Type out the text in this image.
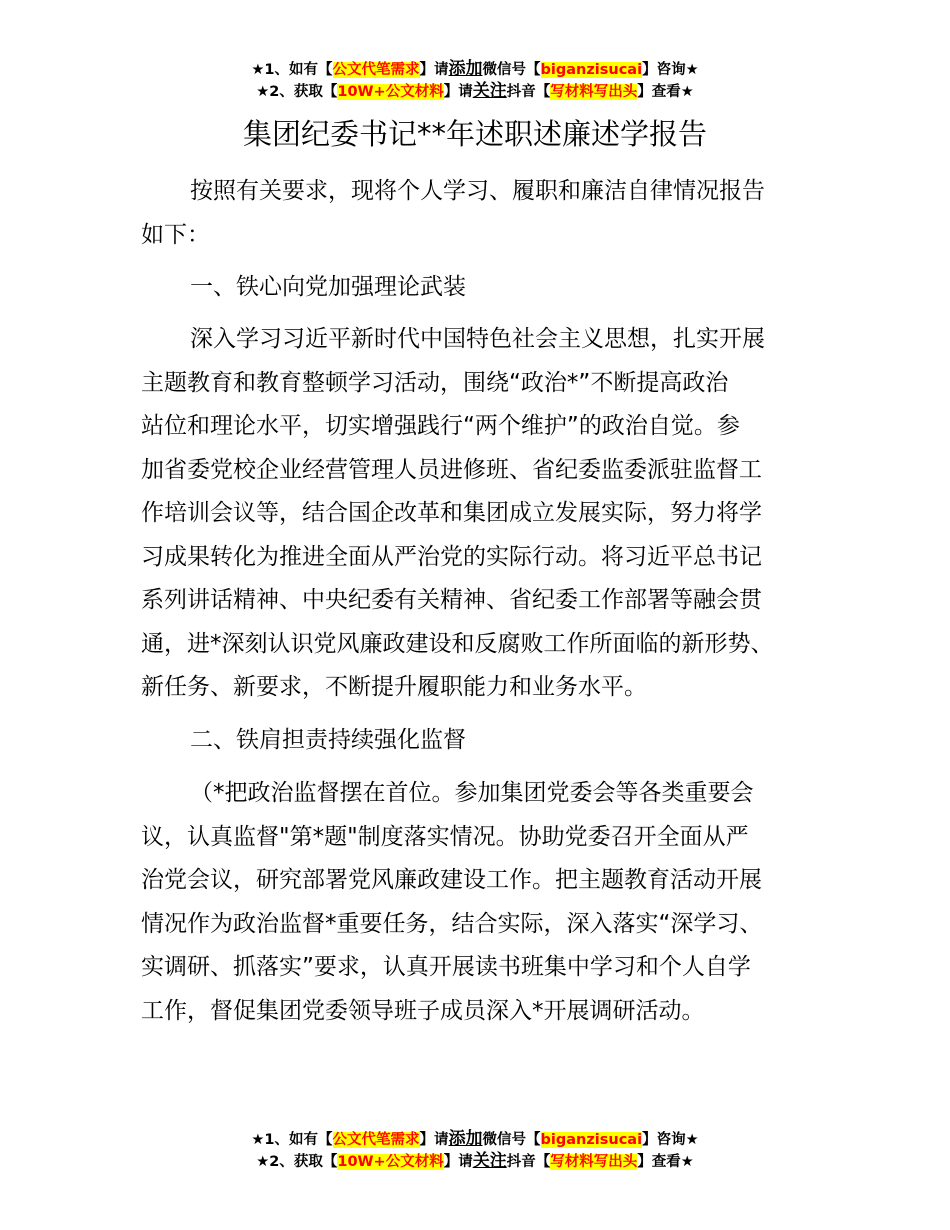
★1、如有【公文代笔需求】请添加微信号【biganzisucai】咨询★
★2、获取【10W+公文材料】请关注抖音【写材料写出头】查看★
集团纪委书记**年述职述廉述学报告
按照有关要求，现将个人学习、履职和廉洁自律情况报告
如下：
一、铁心向党加强理论武装
深入学习习近平新时代中国特色社会主义思想，扎实开展
主题教育和教育整顿学习活动，围绕“政治*”不断提高政治
站位和理论水平，切实增强践行“两个维护”的政治自觉。参
加省委党校企业经营管理人员进修班、省纪委监委派驻监督工
作培训会议等，结合国企改革和集团成立发展实际，努力将学
习成果转化为推进全面从严治党的实际行动。将习近平总书记
系列讲话精神、中央纪委有关精神、省纪委工作部署等融会贯
通，进*深刻认识党风廉政建设和反腐败工作所面临的新形势、
新任务、新要求，不断提升履职能力和业务水平。
二、铁肩担责持续强化监督
（*把政治监督摆在首位。参加集团党委会等各类重要会
议，认真监督"第*题"制度落实情况。协助党委召开全面从严
治党会议，研究部署党风廉政建设工作。把主题教育活动开展
情况作为政治监督*重要任务，结合实际，深入落实“深学习、
实调研、抓落实”要求，认真开展读书班集中学习和个人自学
工作，督促集团党委领导班子成员深入*开展调研活动。
★1、如有【公文代笔需求】请添加微信号【biganzisucai】咨询★
★2、获取【10W+公文材料】请关注抖音【写材料写出头】查看★
